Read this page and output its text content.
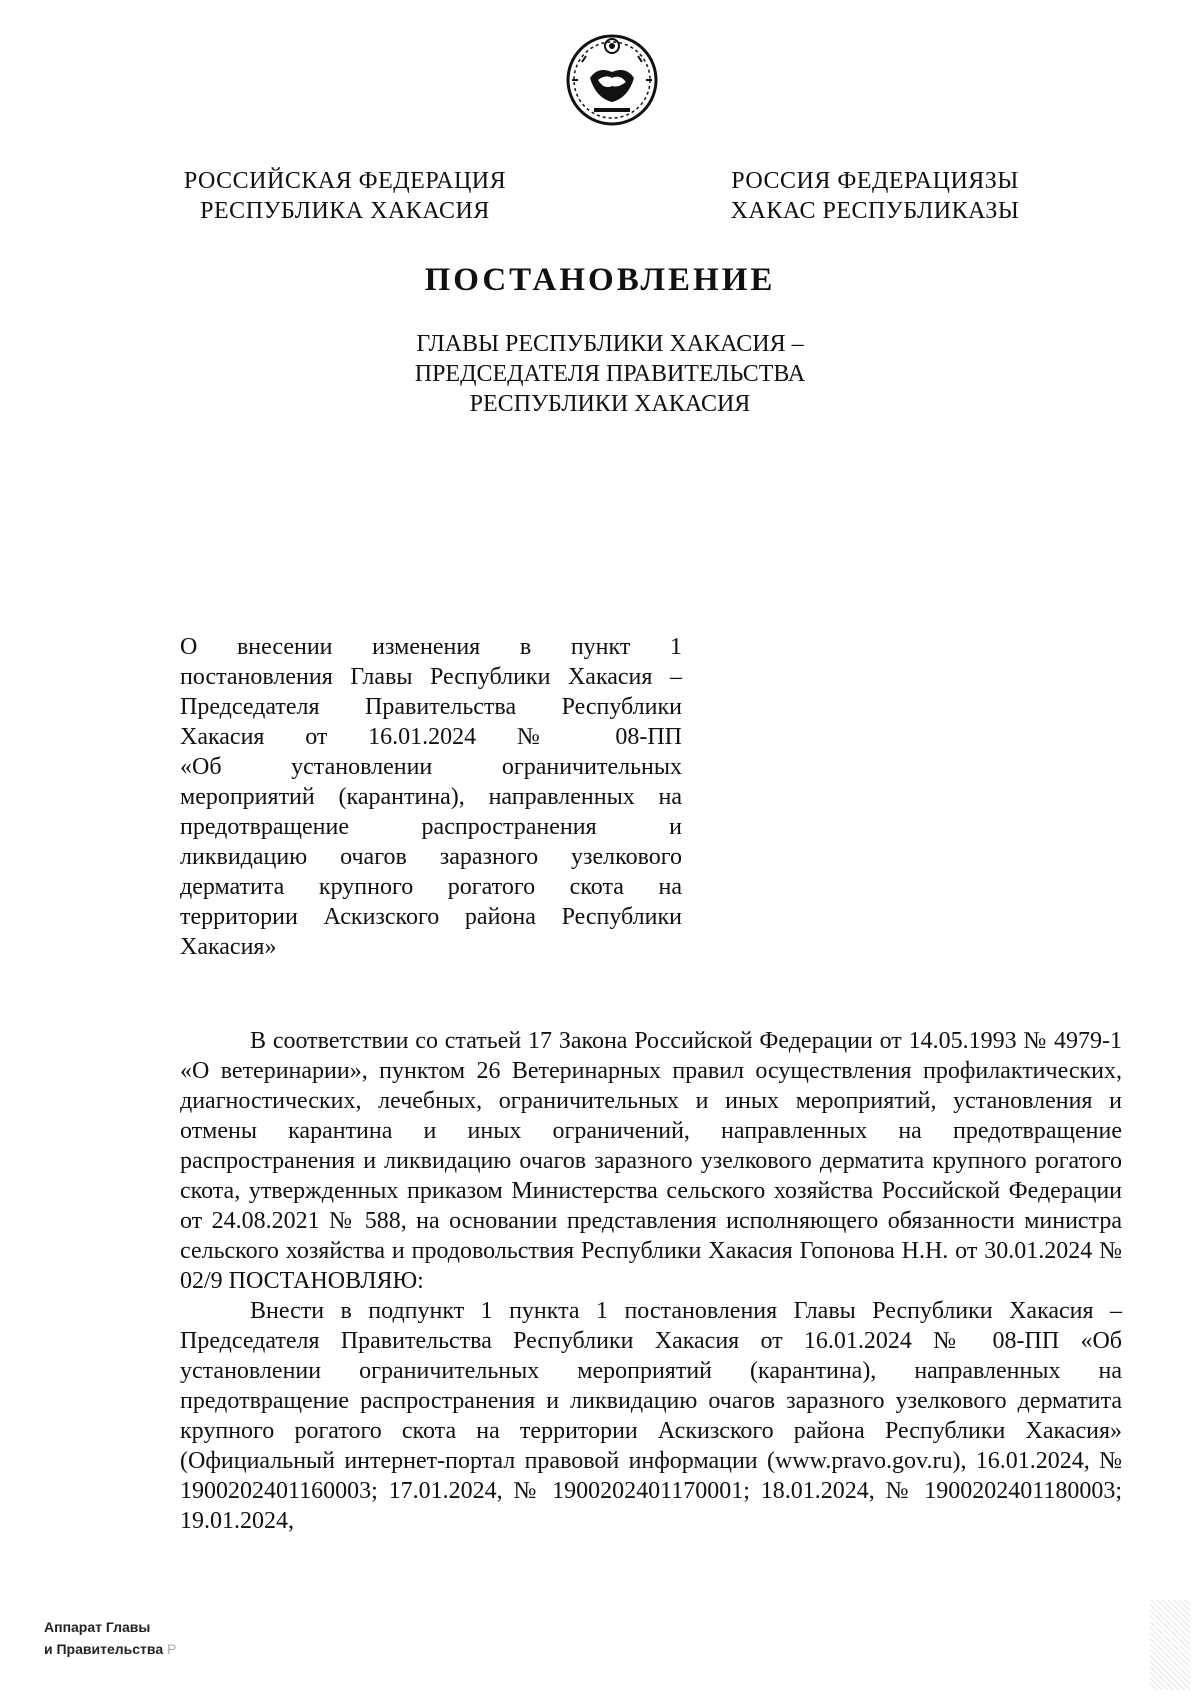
РОССИЙСКАЯ ФЕДЕРАЦИЯ
РЕСПУБЛИКА ХАКАСИЯ
РОССИЯ ФЕДЕРАЦИЯЗЫ
ХАКАС РЕСПУБЛИКАЗЫ
ПОСТАНОВЛЕНИЕ
ГЛАВЫ РЕСПУБЛИКИ ХАКАСИЯ –
ПРЕДСЕДАТЕЛЯ ПРАВИТЕЛЬСТВА
РЕСПУБЛИКИ ХАКАСИЯ
О внесении изменения в пункт 1
постановления Главы Республики Хакасия –
Председателя Правительства Республики
Хакасия от 16.01.2024 № 08-ПП
«Об установлении ограничительных
мероприятий (карантина), направленных на
предотвращение распространения и
ликвидацию очагов заразного узелкового
дерматита крупного рогатого скота на
территории Аскизского района Республики
Хакасия»

В соответствии со статьей 17 Закона Российской Федерации от 14.05.1993 № 4979-1 «О ветеринарии», пунктом 26 Ветеринарных правил осуществления профилактических, диагностических, лечебных, ограничительных и иных мероприятий, установления и отмены карантина и иных ограничений, направленных на предотвращение распространения и ликвидацию очагов заразного узелкового дерматита крупного рогатого скота, утвержденных приказом Министерства сельского хозяйства Российской Федерации от 24.08.2021 № 588, на основании представления исполняющего обязанности министра сельского хозяйства и продовольствия Республики Хакасия Гопонова Н.Н. от 30.01.2024 № 02/9 ПОСТАНОВЛЯЮ:

Внести в подпункт 1 пункта 1 постановления Главы Республики Хакасия – Председателя Правительства Республики Хакасия от 16.01.2024 № 08-ПП «Об установлении ограничительных мероприятий (карантина), направленных на предотвращение распространения и ликвидацию очагов заразного узелкового дерматита крупного рогатого скота на территории Аскизского района Республики Хакасия» (Официальный интернет-портал правовой информации (www.pravo.gov.ru), 16.01.2024, № 1900202401160003; 17.01.2024, № 1900202401170001; 18.01.2024, № 1900202401180003; 19.01.2024,

Аппарат Главы
и Правительства Р
